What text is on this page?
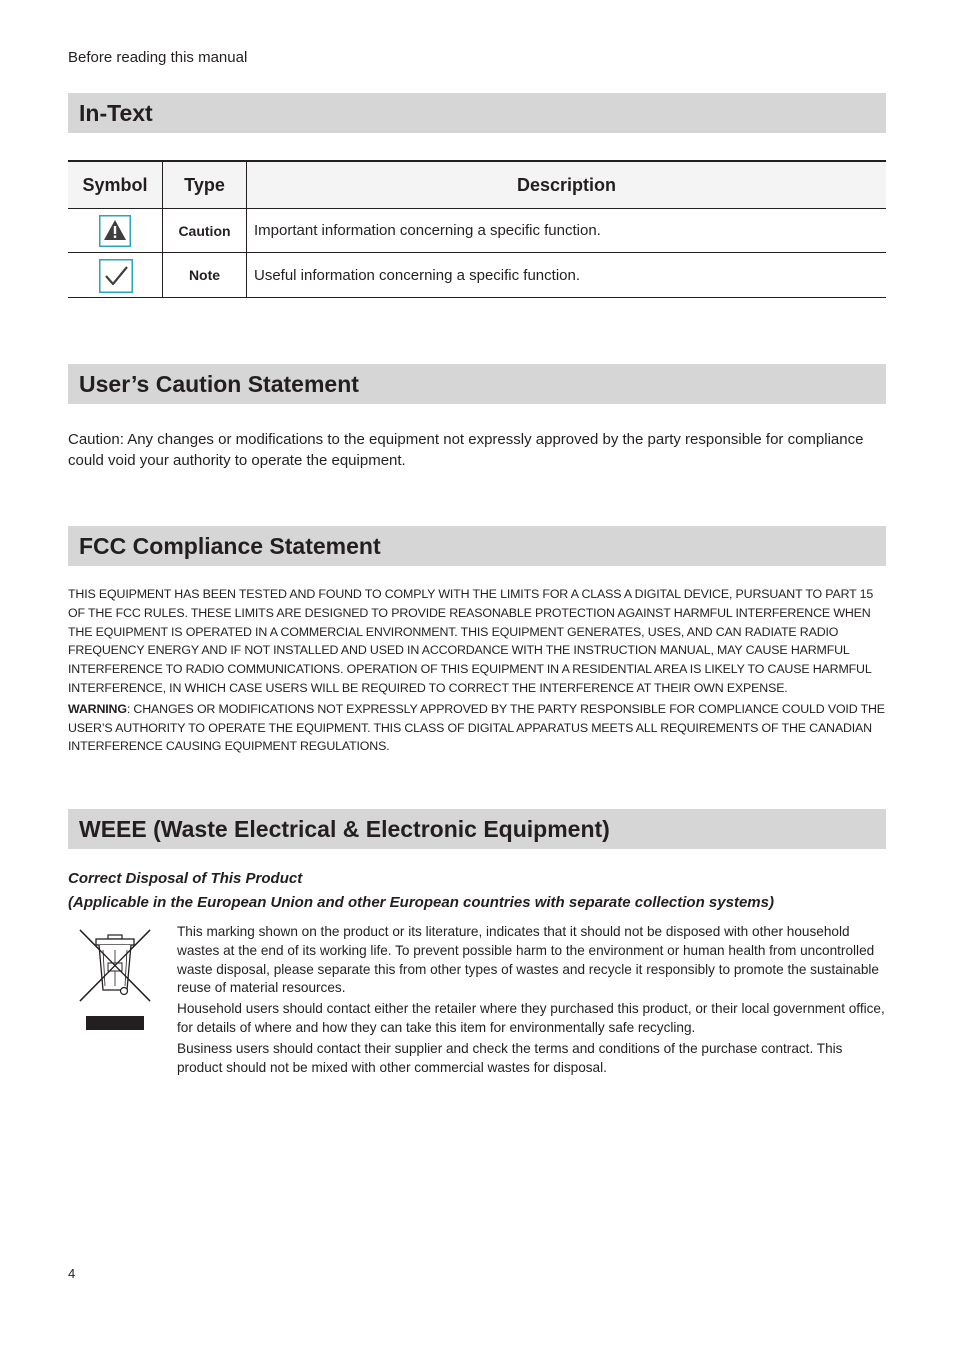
Before reading this manual
In-Text
Symbol	Type	Description
	Caution	Important information concerning a specific function.
	Note	Useful information concerning a specific function.
User’s Caution Statement
Caution: Any changes or modifications to the equipment not expressly approved by the party responsible for compliance could void your authority to operate the equipment.
FCC Compliance Statement

THIS EQUIPMENT HAS BEEN TESTED AND FOUND TO COMPLY WITH THE LIMITS FOR A CLASS A DIGITAL DEVICE, PURSUANT TO PART 15 OF THE FCC RULES. THESE LIMITS ARE DESIGNED TO PROVIDE REASONABLE PROTECTION AGAINST HARMFUL INTERFERENCE WHEN THE EQUIPMENT IS OPERATED IN A COMMERCIAL ENVIRONMENT. THIS EQUIPMENT GENERATES, USES, AND CAN RADIATE RADIO FREQUENCY ENERGY AND IF NOT INSTALLED AND USED IN ACCORDANCE WITH THE INSTRUCTION MANUAL, MAY CAUSE HARMFUL INTERFERENCE TO RADIO COMMUNICATIONS. OPERATION OF THIS EQUIPMENT IN A RESIDENTIAL AREA IS LIKELY TO CAUSE HARMFUL INTERFERENCE, IN WHICH CASE USERS WILL BE REQUIRED TO CORRECT THE INTERFERENCE AT THEIR OWN EXPENSE.

WARNING: CHANGES OR MODIFICATIONS NOT EXPRESSLY APPROVED BY THE PARTY RESPONSIBLE FOR COMPLIANCE COULD VOID THE USER’S AUTHORITY TO OPERATE THE EQUIPMENT. THIS CLASS OF DIGITAL APPARATUS MEETS ALL REQUIREMENTS OF THE CANADIAN INTERFERENCE CAUSING EQUIPMENT REGULATIONS.

WEEE (Waste Electrical & Electronic Equipment)
Correct Disposal of This Product
(Applicable in the European Union and other European countries with separate collection systems)

This marking shown on the product or its literature, indicates that it should not be disposed with other household wastes at the end of its working life. To prevent possible harm to the environment or human health from uncontrolled waste disposal, please separate this from other types of wastes and recycle it responsibly to promote the sustainable reuse of material resources.

Household users should contact either the retailer where they purchased this product, or their local government office, for details of where and how they can take this item for environmentally safe recycling.

Business users should contact their supplier and check the terms and conditions of the purchase contract. This product should not be mixed with other commercial wastes for disposal.

4
